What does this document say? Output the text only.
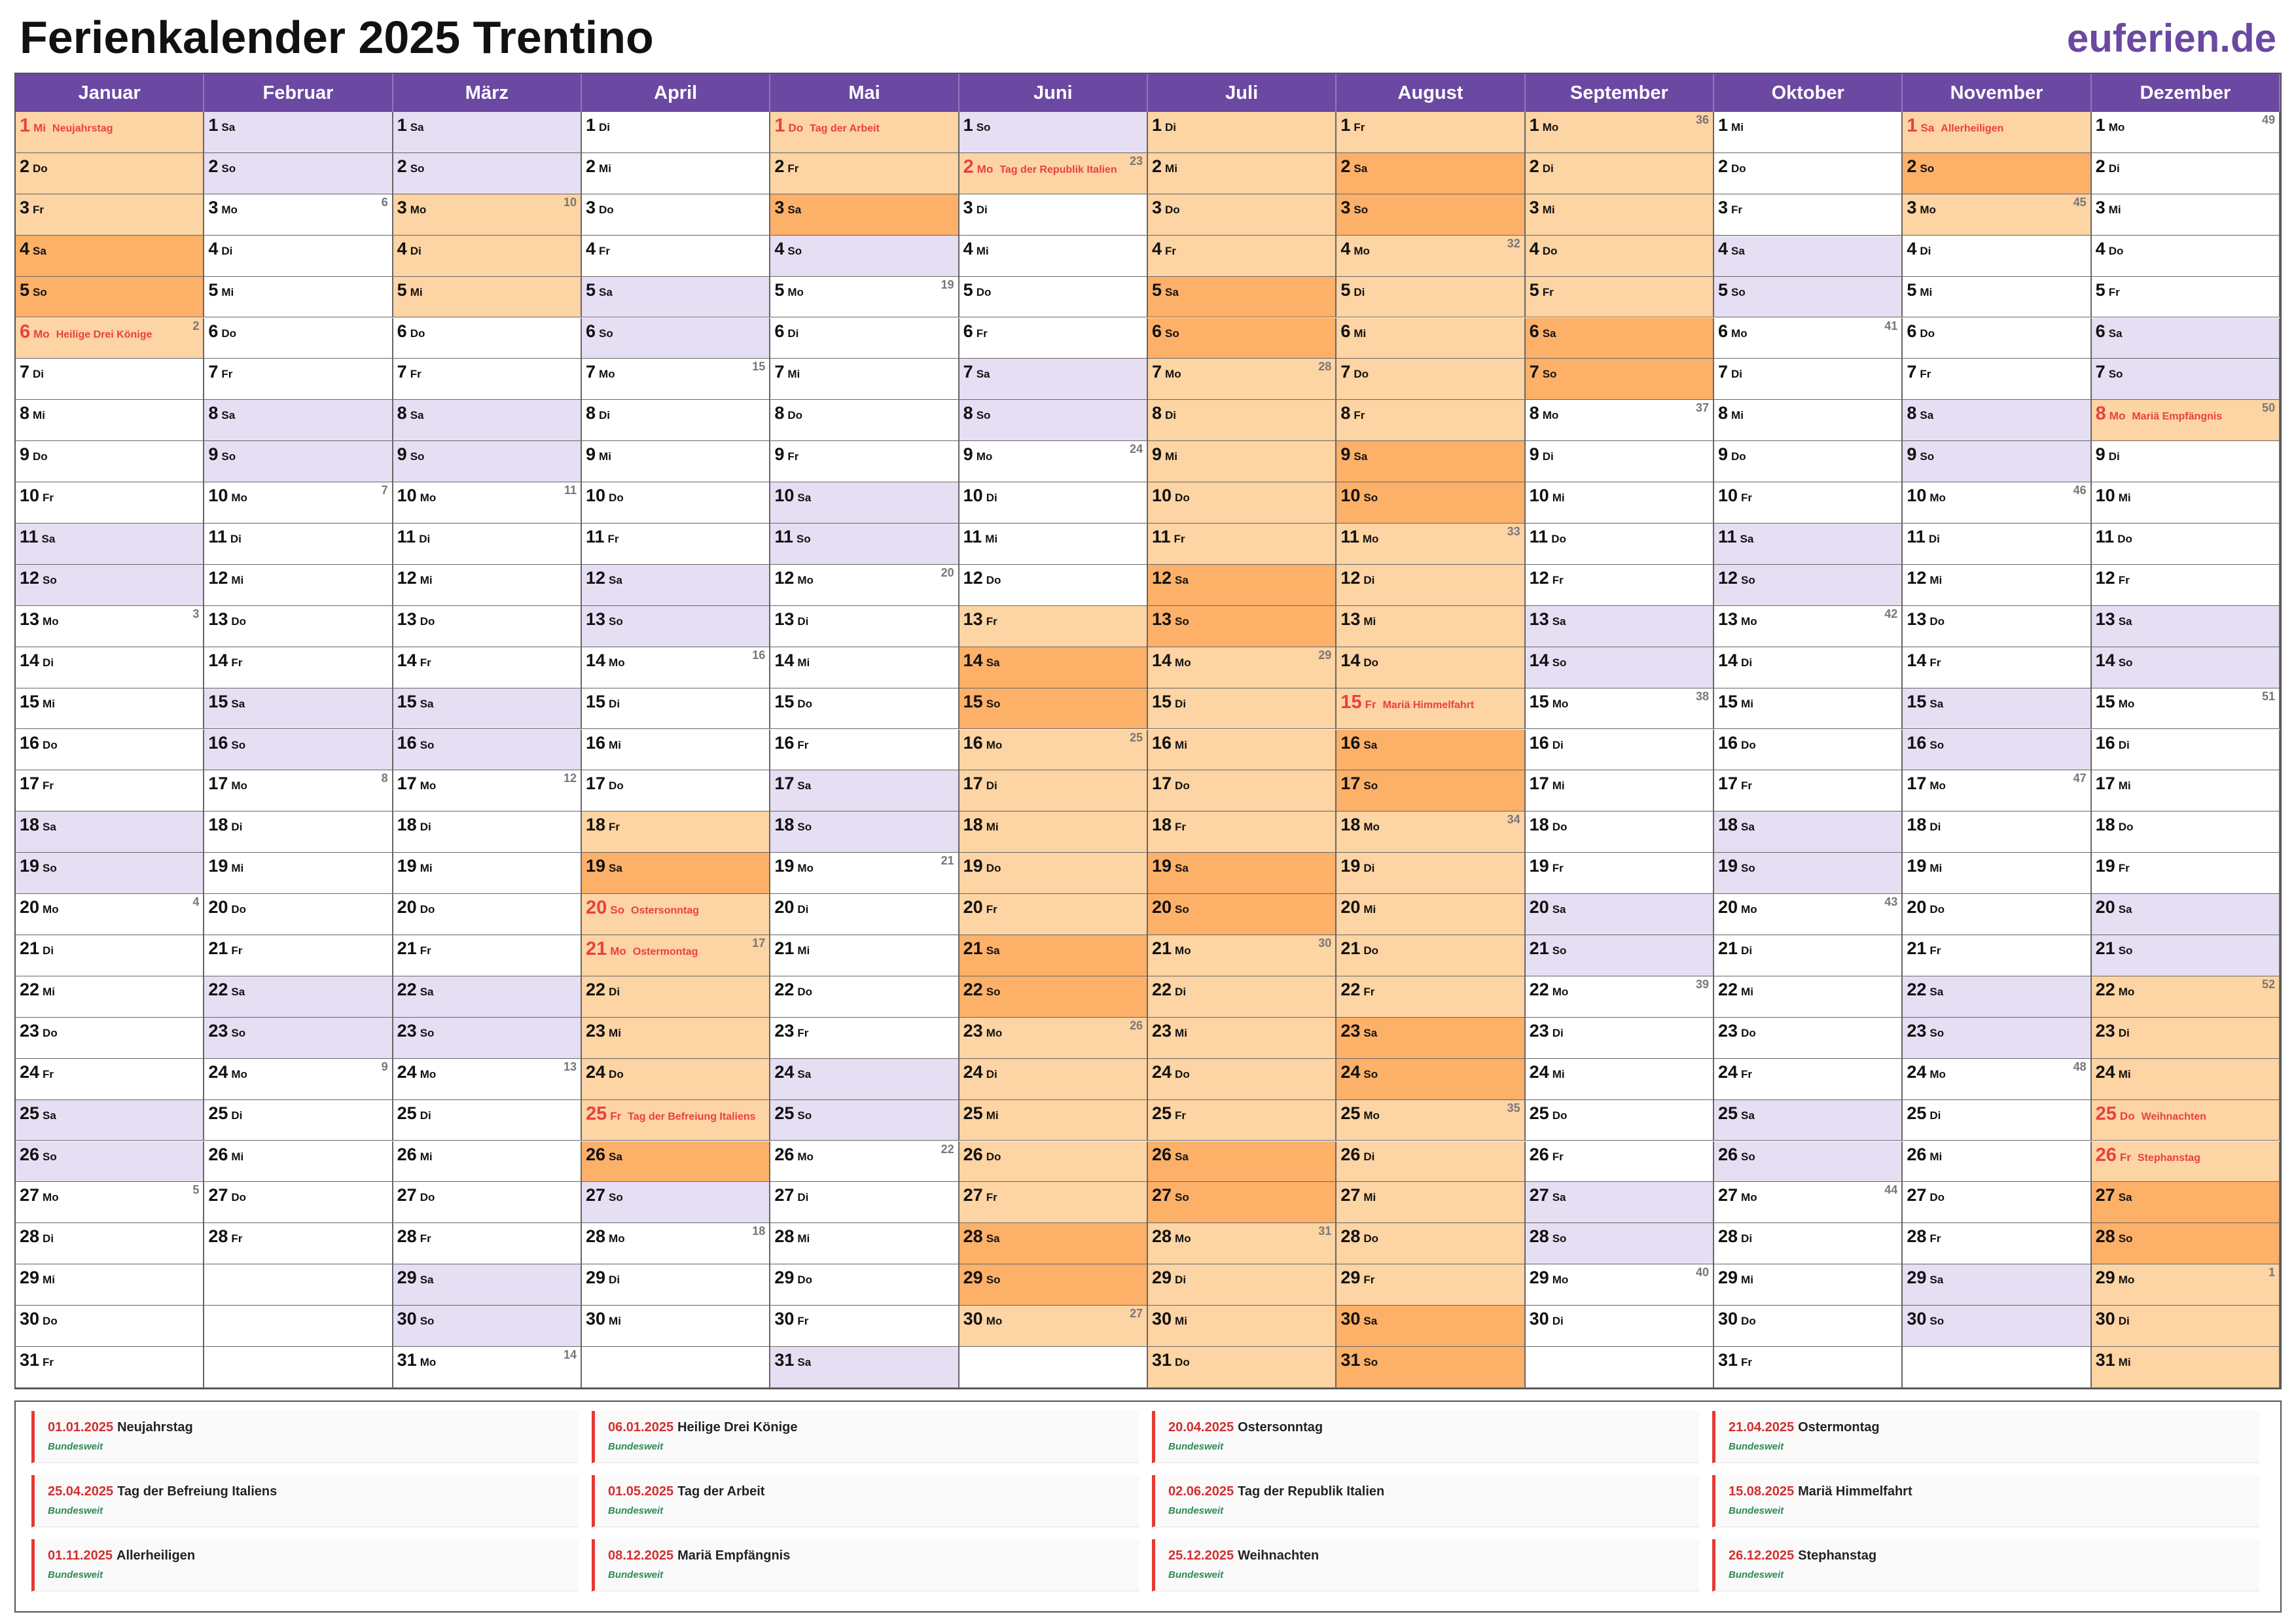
Ferienkalender 2025 Trentino	euferien.de
Januar
1 Mi Neujahrstag
2 Do
3 Fr
4 Sa
5 So
6 Mo Heilige Drei Könige
2
7 Di
8 Mi
9 Do
10 Fr
11 Sa
12 So
13 Mo
3
14 Di
15 Mi
16 Do
17 Fr
18 Sa
19 So
20 Mo
4
21 Di
22 Mi
23 Do
24 Fr
25 Sa
26 So
27 Mo
5
28 Di
29 Mi
30 Do
31 Fr
Februar
1 Sa
2 So
3 Mo
6
4 Di
5 Mi
6 Do
7 Fr
8 Sa
9 So
10 Mo
7
11 Di
12 Mi
13 Do
14 Fr
15 Sa
16 So
17 Mo
8
18 Di
19 Mi
20 Do
21 Fr
22 Sa
23 So
24 Mo
9
25 Di
26 Mi
27 Do
28 Fr
März
1 Sa
2 So
3 Mo
10
4 Di
5 Mi
6 Do
7 Fr
8 Sa
9 So
10 Mo
11
11 Di
12 Mi
13 Do
14 Fr
15 Sa
16 So
17 Mo
12
18 Di
19 Mi
20 Do
21 Fr
22 Sa
23 So
24 Mo
13
25 Di
26 Mi
27 Do
28 Fr
29 Sa
30 So
31 Mo
14
April
1 Di
2 Mi
3 Do
4 Fr
5 Sa
6 So
7 Mo
15
8 Di
9 Mi
10 Do
11 Fr
12 Sa
13 So
14 Mo
16
15 Di
16 Mi
17 Do
18 Fr
19 Sa
20 So Ostersonntag
21 Mo Ostermontag
17
22 Di
23 Mi
24 Do
25 Fr Tag der Befreiung Italiens
26 Sa
27 So
28 Mo
18
29 Di
30 Mi
Mai
1 Do Tag der Arbeit
2 Fr
3 Sa
4 So
5 Mo
19
6 Di
7 Mi
8 Do
9 Fr
10 Sa
11 So
12 Mo
20
13 Di
14 Mi
15 Do
16 Fr
17 Sa
18 So
19 Mo
21
20 Di
21 Mi
22 Do
23 Fr
24 Sa
25 So
26 Mo
22
27 Di
28 Mi
29 Do
30 Fr
31 Sa
Juni
1 So
2 Mo Tag der Republik Italien
23
3 Di
4 Mi
5 Do
6 Fr
7 Sa
8 So
9 Mo
24
10 Di
11 Mi
12 Do
13 Fr
14 Sa
15 So
16 Mo
25
17 Di
18 Mi
19 Do
20 Fr
21 Sa
22 So
23 Mo
26
24 Di
25 Mi
26 Do
27 Fr
28 Sa
29 So
30 Mo
27
Juli
1 Di
2 Mi
3 Do
4 Fr
5 Sa
6 So
7 Mo
28
8 Di
9 Mi
10 Do
11 Fr
12 Sa
13 So
14 Mo
29
15 Di
16 Mi
17 Do
18 Fr
19 Sa
20 So
21 Mo
30
22 Di
23 Mi
24 Do
25 Fr
26 Sa
27 So
28 Mo
31
29 Di
30 Mi
31 Do
August
1 Fr
2 Sa
3 So
4 Mo
32
5 Di
6 Mi
7 Do
8 Fr
9 Sa
10 So
11 Mo
33
12 Di
13 Mi
14 Do
15 Fr Mariä Himmelfahrt
16 Sa
17 So
18 Mo
34
19 Di
20 Mi
21 Do
22 Fr
23 Sa
24 So
25 Mo
35
26 Di
27 Mi
28 Do
29 Fr
30 Sa
31 So
September
1 Mo
36
2 Di
3 Mi
4 Do
5 Fr
6 Sa
7 So
8 Mo
37
9 Di
10 Mi
11 Do
12 Fr
13 Sa
14 So
15 Mo
38
16 Di
17 Mi
18 Do
19 Fr
20 Sa
21 So
22 Mo
39
23 Di
24 Mi
25 Do
26 Fr
27 Sa
28 So
29 Mo
40
30 Di
Oktober
1 Mi
2 Do
3 Fr
4 Sa
5 So
6 Mo
41
7 Di
8 Mi
9 Do
10 Fr
11 Sa
12 So
13 Mo
42
14 Di
15 Mi
16 Do
17 Fr
18 Sa
19 So
20 Mo
43
21 Di
22 Mi
23 Do
24 Fr
25 Sa
26 So
27 Mo
44
28 Di
29 Mi
30 Do
31 Fr
November
1 Sa Allerheiligen
2 So
3 Mo
45
4 Di
5 Mi
6 Do
7 Fr
8 Sa
9 So
10 Mo
46
11 Di
12 Mi
13 Do
14 Fr
15 Sa
16 So
17 Mo
47
18 Di
19 Mi
20 Do
21 Fr
22 Sa
23 So
24 Mo
48
25 Di
26 Mi
27 Do
28 Fr
29 Sa
30 So
Dezember
1 Mo
49
2 Di
3 Mi
4 Do
5 Fr
6 Sa
7 So
8 Mo Mariä Empfängnis
50
9 Di
10 Mi
11 Do
12 Fr
13 Sa
14 So
15 Mo
51
16 Di
17 Mi
18 Do
19 Fr
20 Sa
21 So
22 Mo
52
23 Di
24 Mi
25 Do Weihnachten
26 Fr Stephanstag
27 Sa
28 So
29 Mo
1
30 Di
31 Mi
01.01.2025 Neujahrstag
Bundesweit
06.01.2025 Heilige Drei Könige
Bundesweit
20.04.2025 Ostersonntag
Bundesweit
21.04.2025 Ostermontag
Bundesweit
25.04.2025 Tag der Befreiung Italiens
Bundesweit
01.05.2025 Tag der Arbeit
Bundesweit
02.06.2025 Tag der Republik Italien
Bundesweit
15.08.2025 Mariä Himmelfahrt
Bundesweit
01.11.2025 Allerheiligen
Bundesweit
08.12.2025 Mariä Empfängnis
Bundesweit
25.12.2025 Weihnachten
Bundesweit
26.12.2025 Stephanstag
Bundesweit
